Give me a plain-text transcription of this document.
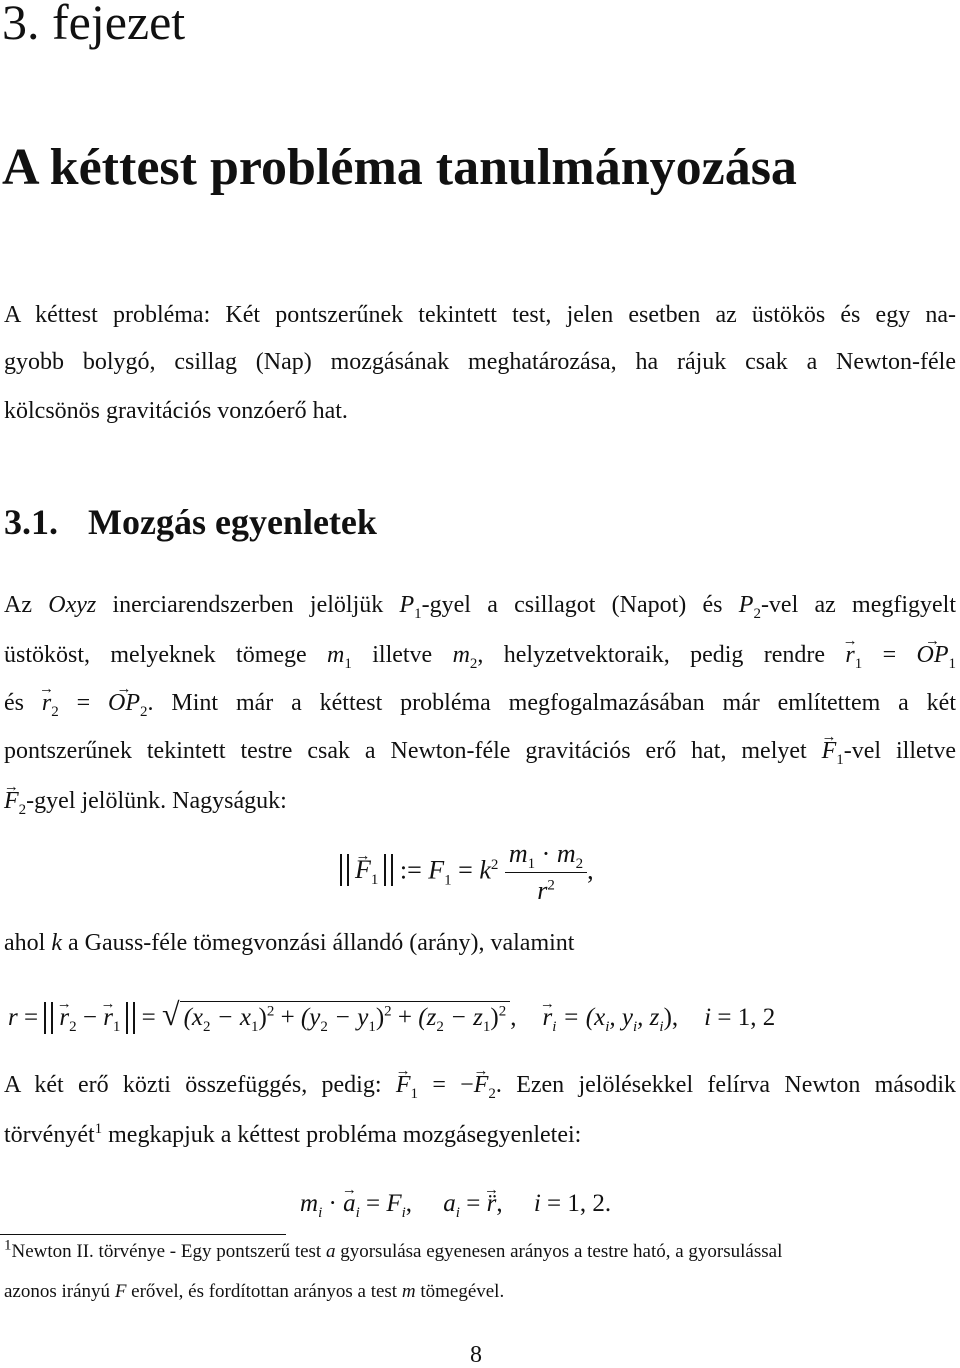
3. fejezet
A kéttest probléma tanulmányozása
A kéttest probléma: Két pontszerűnek tekintett test, jelen esetben az üstökös és egy na-
gyobb bolygó, csillag (Nap) mozgásának meghatározása, ha rájuk csak a Newton-féle
kölcsönös gravitációs vonzóerő hat.
3.1. Mozgás egyenletek
Az Oxyz inerciarendszerben jelöljük $P_1$-gyel a csillagot (Napot) és $P_2$-vel az megfigyelt
üstököst, melyeknek tömege $m_1$ illetve $m_2$, helyzetvektoraik, pedig rendre → $r_1$ = → $OP_1$
és → $r_2$ = → $OP_2$. Mint már a kéttest probléma megfogalmazásában már említettem a két
pontszerűnek tekintett testre csak a Newton-féle gravitációs erő hat, melyet → $F_1$-vel illetve
→ $F_2$-gyel jelölünk. Nagyságuk:
→ $F_1$ := $F_1 = k^2 \frac{m_1 \cdot m_2}{r^2}$ ,
ahol k a Gauss-féle tömegvonzási állandó (arány), valamint
r = → $r_2$ − → $r_1$ = √ $(x_2 - x_1)^2 + (y_2 - y_1)^2 + (z_2 - z_1)^2$ ,→ $r_i = (x_i$, $y_i$, $z_i$), i = 1, 2
A két erő közti összefüggés, pedig: → $F_1$ = −→ $F_2$. Ezen jelölésekkel felírva Newton második
törvényét$^1$ megkapjuk a kéttest probléma mozgásegyenletei:
$m_i$ · → $a_i = F_i$,     $a_i$ = → r̈,     i = 1, 2.
$^1$Newton II. törvénye - Egy pontszerű test a gyorsulása egyenesen arányos a testre ható, a gyorsulással
azonos irányú F erővel, és fordítottan arányos a test m tömegével.
8
